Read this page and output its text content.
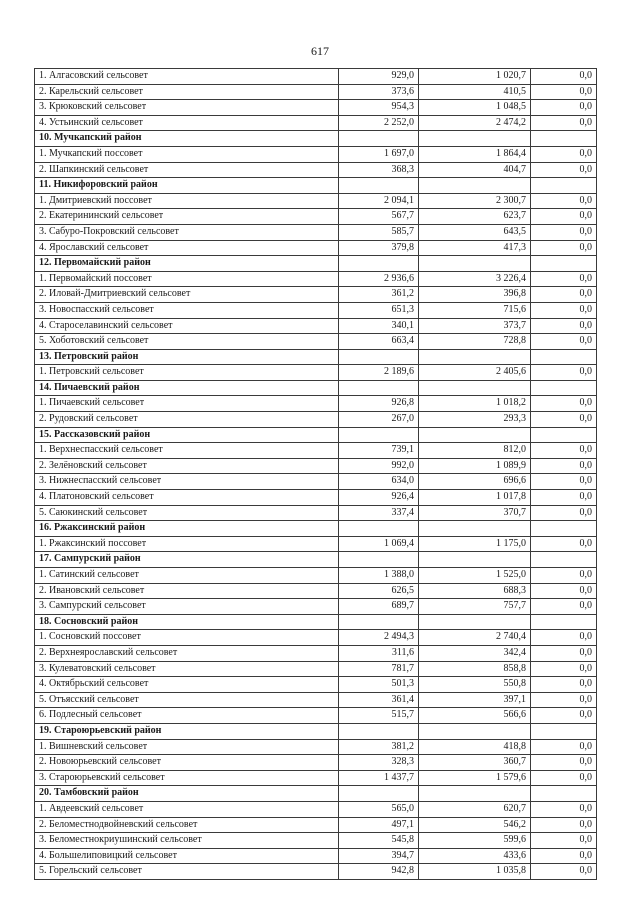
617
1. Алгасовский сельсовет	929,0	1 020,7	0,0
2. Карельский сельсовет	373,6	410,5	0,0
3. Крюковский сельсовет	954,3	1 048,5	0,0
4. Устьинский сельсовет	2 252,0	2 474,2	0,0
10. Мучкапский район			
1. Мучкапский поссовет	1 697,0	1 864,4	0,0
2. Шапкинский сельсовет	368,3	404,7	0,0
11. Никифоровский район			
1. Дмитриевский поссовет	2 094,1	2 300,7	0,0
2. Екатерининский сельсовет	567,7	623,7	0,0
3. Сабуро-Покровский сельсовет	585,7	643,5	0,0
4. Ярославский сельсовет	379,8	417,3	0,0
12. Первомайский район			
1. Первомайский поссовет	2 936,6	3 226,4	0,0
2. Иловай-Дмитриевский сельсовет	361,2	396,8	0,0
3. Новоспасский сельсовет	651,3	715,6	0,0
4. Староселавинский сельсовет	340,1	373,7	0,0
5. Хоботовский сельсовет	663,4	728,8	0,0
13. Петровский район			
1. Петровский сельсовет	2 189,6	2 405,6	0,0
14. Пичаевский район			
1. Пичаевский сельсовет	926,8	1 018,2	0,0
2. Рудовский сельсовет	267,0	293,3	0,0
15. Рассказовский район			
1. Верхнеспасский сельсовет	739,1	812,0	0,0
2. Зелёновский сельсовет	992,0	1 089,9	0,0
3. Нижнеспасский сельсовет	634,0	696,6	0,0
4. Платоновский сельсовет	926,4	1 017,8	0,0
5. Саюкинский сельсовет	337,4	370,7	0,0
16. Ржаксинский район			
1. Ржаксинский поссовет	1 069,4	1 175,0	0,0
17. Сампурский район			
1. Сатинский сельсовет	1 388,0	1 525,0	0,0
2. Ивановский сельсовет	626,5	688,3	0,0
3. Сампурский сельсовет	689,7	757,7	0,0
18. Сосновский район			
1. Сосновский поссовет	2 494,3	2 740,4	0,0
2. Верхнеярославский сельсовет	311,6	342,4	0,0
3. Кулеватовский сельсовет	781,7	858,8	0,0
4. Октябрьский сельсовет	501,3	550,8	0,0
5. Отъясский сельсовет	361,4	397,1	0,0
6. Подлесный сельсовет	515,7	566,6	0,0
19. Староюрьевский район			
1. Вишневский сельсовет	381,2	418,8	0,0
2. Новоюрьевский сельсовет	328,3	360,7	0,0
3. Староюрьевский сельсовет	1 437,7	1 579,6	0,0
20. Тамбовский район			
1. Авдеевский сельсовет	565,0	620,7	0,0
2. Беломестнодвойневский сельсовет	497,1	546,2	0,0
3. Беломестнокриушинский сельсовет	545,8	599,6	0,0
4. Большелиповицкий сельсовет	394,7	433,6	0,0
5. Горельский сельсовет	942,8	1 035,8	0,0
